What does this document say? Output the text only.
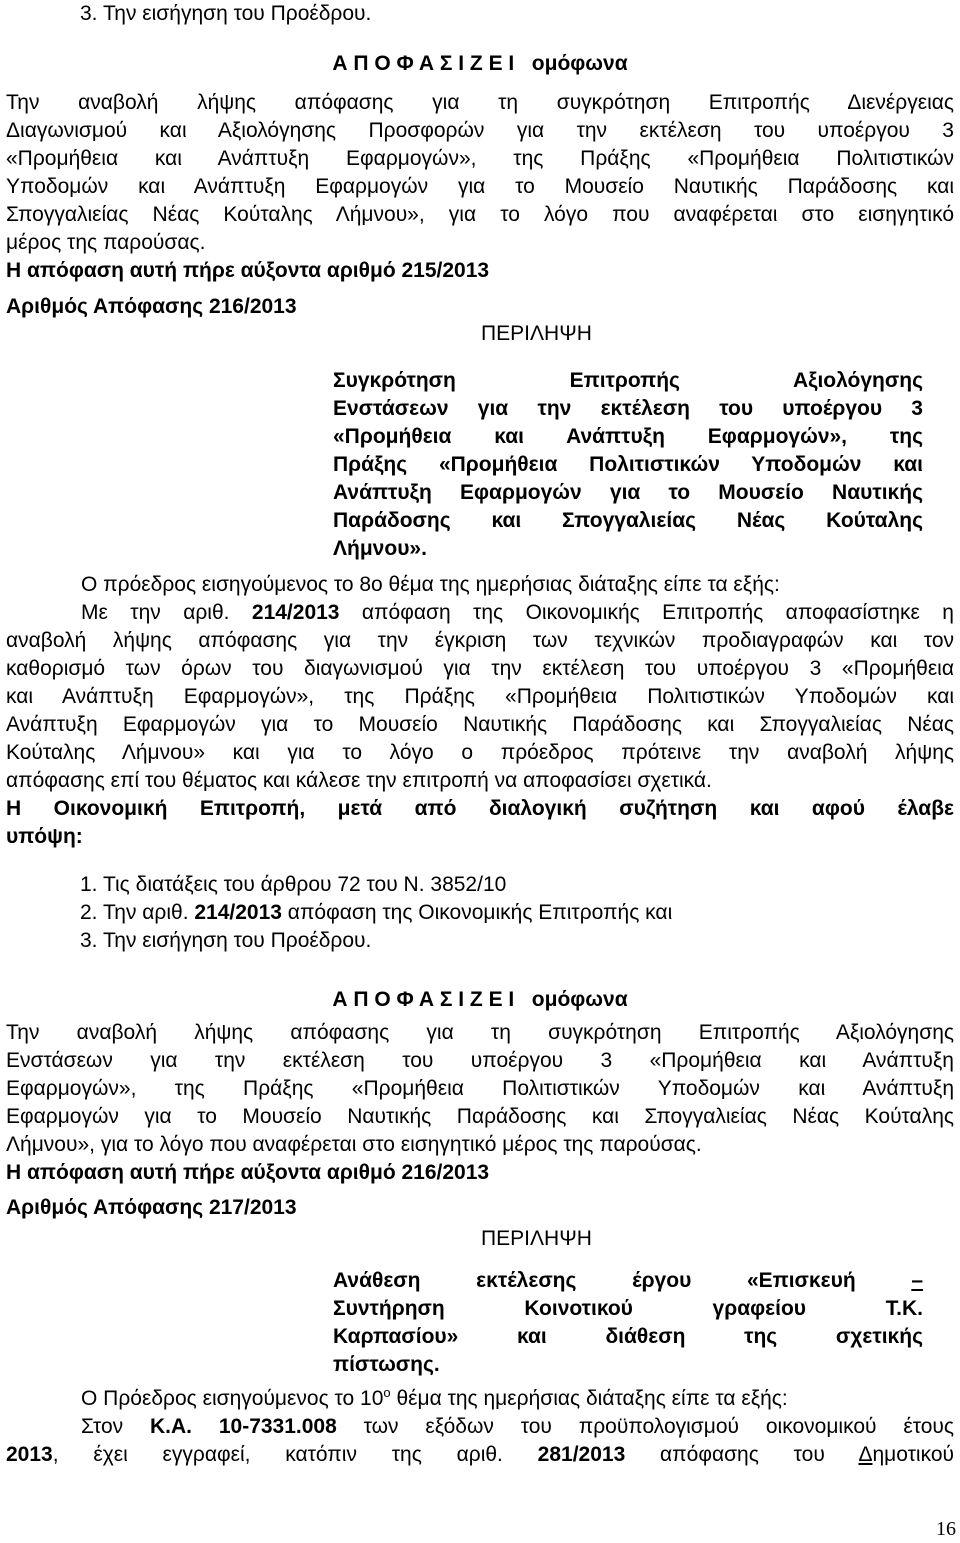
3. Την εισήγηση του Προέδρου.

Α Π Ο Φ Α Σ Ι Ζ Ε Ι ομόφωνα

Την αναβολή λήψης απόφασης για τη συγκρότηση Επιτροπής Διενέργειας

Διαγωνισμού και Αξιολόγησης Προσφορών για την εκτέλεση του υποέργου 3

«Προμήθεια και Ανάπτυξη Εφαρμογών», της Πράξης «Προμήθεια Πολιτιστικών

Υποδομών και Ανάπτυξη Εφαρμογών για το Μουσείο Ναυτικής Παράδοσης και

Σπογγαλιείας Νέας Κούταλης Λήμνου», για το λόγο που αναφέρεται στο εισηγητικό

μέρος της παρούσας.

Η απόφαση αυτή πήρε αύξοντα αριθμό 215/2013

Αριθμός Απόφασης 216/2013

ΠΕΡΙΛΗΨΗ

Συγκρότηση Επιτροπής Αξιολόγησης

Ενστάσεων για την εκτέλεση του υποέργου 3

«Προμήθεια και Ανάπτυξη Εφαρμογών», της

Πράξης «Προμήθεια Πολιτιστικών Υποδομών και

Ανάπτυξη Εφαρμογών για το Μουσείο Ναυτικής

Παράδοσης και Σπογγαλιείας Νέας Κούταλης

Λήμνου».

Ο πρόεδρος εισηγούμενος το 8ο θέμα της ημερήσιας διάταξης είπε τα εξής:

Με την αριθ. 214/2013 απόφαση της Οικονομικής Επιτροπής αποφασίστηκε η

αναβολή λήψης απόφασης για την έγκριση των τεχνικών προδιαγραφών και τον

καθορισμό των όρων του διαγωνισμού για την εκτέλεση του υποέργου 3 «Προμήθεια

και Ανάπτυξη Εφαρμογών», της Πράξης «Προμήθεια Πολιτιστικών Υποδομών και

Ανάπτυξη Εφαρμογών για το Μουσείο Ναυτικής Παράδοσης και Σπογγαλιείας Νέας

Κούταλης Λήμνου» και για το λόγο ο πρόεδρος πρότεινε την αναβολή λήψης

απόφασης επί του θέματος και κάλεσε την επιτροπή να αποφασίσει σχετικά.

Η Οικονομική Επιτροπή, μετά από διαλογική συζήτηση και αφού έλαβε

υπόψη:

1. Τις διατάξεις του άρθρου 72 του Ν. 3852/10

2. Την αριθ. 214/2013 απόφαση της Οικονομικής Επιτροπής και

3. Την εισήγηση του Προέδρου.

Α Π Ο Φ Α Σ Ι Ζ Ε Ι ομόφωνα

Την αναβολή λήψης απόφασης για τη συγκρότηση Επιτροπής Αξιολόγησης

Ενστάσεων για την εκτέλεση του υποέργου 3 «Προμήθεια και Ανάπτυξη

Εφαρμογών», της Πράξης «Προμήθεια Πολιτιστικών Υποδομών και Ανάπτυξη

Εφαρμογών για το Μουσείο Ναυτικής Παράδοσης και Σπογγαλιείας Νέας Κούταλης

Λήμνου», για το λόγο που αναφέρεται στο εισηγητικό μέρος της παρούσας.

Η απόφαση αυτή πήρε αύξοντα αριθμό 216/2013

Αριθμός Απόφασης 217/2013

ΠΕΡΙΛΗΨΗ

Ανάθεση εκτέλεσης έργου «Επισκευή –

Συντήρηση Κοινοτικού γραφείου Τ.Κ.

Καρπασίου» και διάθεση της σχετικής

πίστωσης.

Ο Πρόεδρος εισηγούμενος το $10^o$ θέμα της ημερήσιας διάταξης είπε τα εξής:

Στον Κ.Α. 10-7331.008 των εξόδων του προϋπολογισμού οικονομικού έτους

2013, έχει εγγραφεί, κατόπιν της αριθ. 281/2013 απόφασης του Δημοτικού

16
